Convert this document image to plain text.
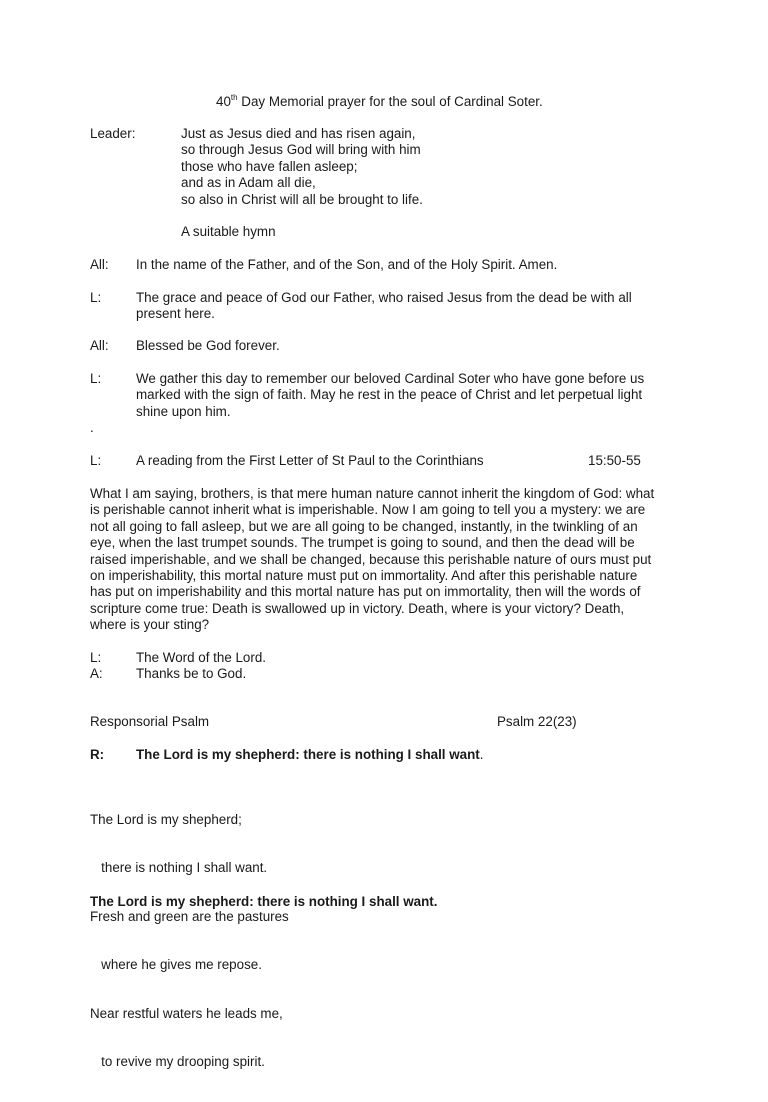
40th Day Memorial prayer for the soul of Cardinal Soter.
Leader:	Just as Jesus died and has risen again,
so through Jesus God will bring with him
those who have fallen asleep;
and as in Adam all die,
so also in Christ will all be brought to life.
A suitable hymn
All: In the name of the Father, and of the Son, and of the Holy Spirit. Amen.
L:	The grace and peace of God our Father, who raised Jesus from the dead be with all
present here.
All: Blessed be God forever.
L:	We gather this day to remember our beloved Cardinal Soter who have gone before us
marked with the sign of faith. May he rest in the peace of Christ and let perpetual light
shine upon him.
.
L:	A reading from the First Letter of St Paul to the Corinthians	15:50-55
What I am saying, brothers, is that mere human nature cannot inherit the kingdom of God: what
is perishable cannot inherit what is imperishable. Now I am going to tell you a mystery: we are
not all going to fall asleep, but we are all going to be changed, instantly, in the twinkling of an
eye, when the last trumpet sounds. The trumpet is going to sound, and then the dead will be
raised imperishable, and we shall be changed, because this perishable nature of ours must put
on imperishability, this mortal nature must put on immortality. And after this perishable nature
has put on imperishability and this mortal nature has put on immortality, then will the words of
scripture come true: Death is swallowed up in victory. Death, where is your victory? Death,
where is your sting?
L:	The Word of the Lord.
A: Thanks be to God.
Responsorial Psalm	Psalm 22(23)
R: The Lord is my shepherd: there is nothing I shall want.

The Lord is my shepherd;

there is nothing I shall want.

Fresh and green are the pastures

where he gives me repose.

Near restful waters he leads me,

to revive my drooping spirit.

The Lord is my shepherd: there is nothing I shall want.
